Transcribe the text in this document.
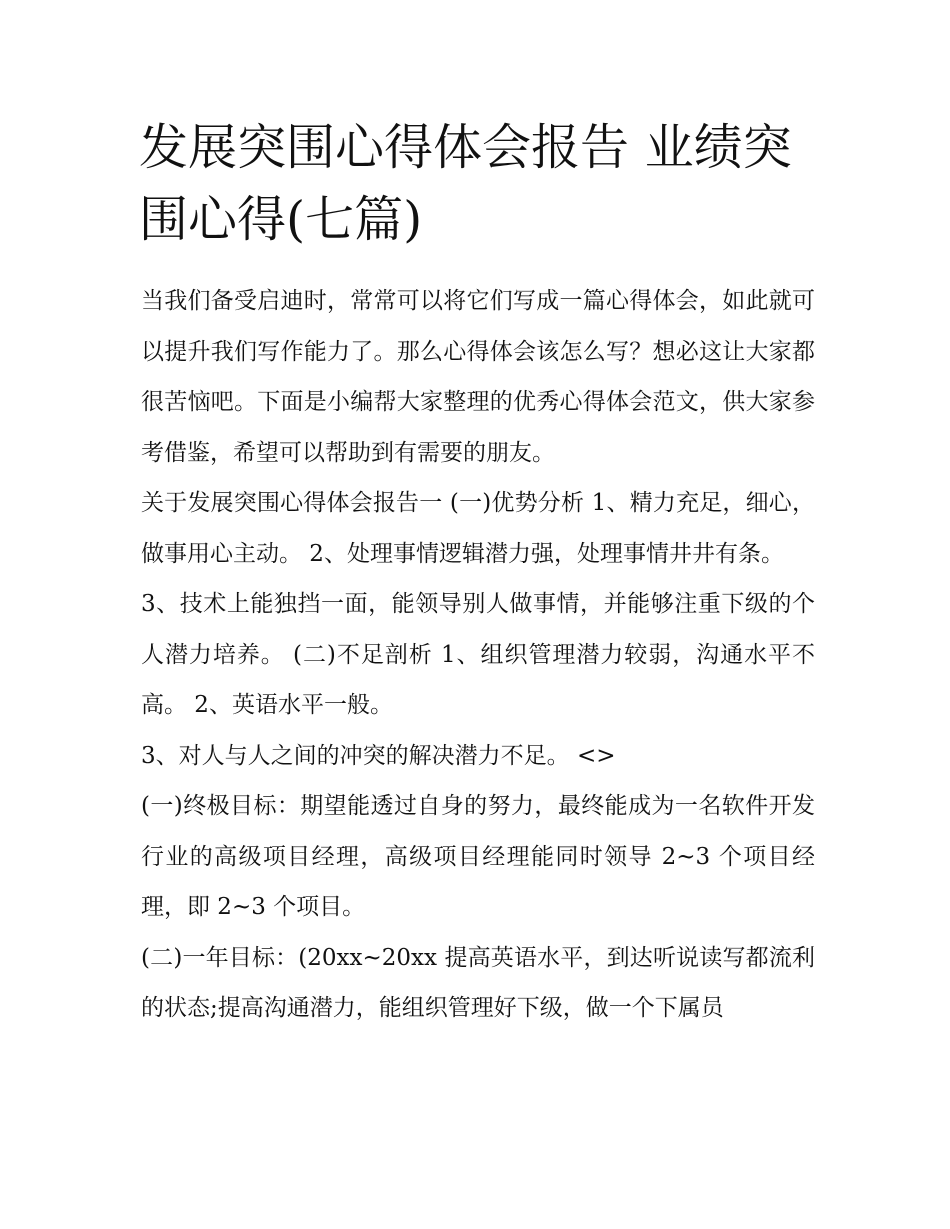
发展突围心得体会报告 业绩突围心得(七篇)

当我们备受启迪时，常常可以将它们写成一篇心得体会，如此就可以提升我们写作能力了。那么心得体会该怎么写？想必这让大家都很苦恼吧。下面是小编帮大家整理的优秀心得体会范文，供大家参考借鉴，希望可以帮助到有需要的朋友。

关于发展突围心得体会报告一 (一)优势分析 1、精力充足，细心，做事用心主动。 2、处理事情逻辑潜力强，处理事情井井有条。

3、技术上能独挡一面，能领导别人做事情，并能够注重下级的个人潜力培养。 (二)不足剖析 1、组织管理潜力较弱，沟通水平不高。 2、英语水平一般。

3、对人与人之间的冲突的解决潜力不足。 <>

(一)终极目标：期望能透过自身的努力，最终能成为一名软件开发行业的高级项目经理，高级项目经理能同时领导 2~3 个项目经理，即 2~3 个项目。

(二)一年目标：(20xx~20xx 提高英语水平，到达听说读写都流利的状态;提高沟通潜力，能组织管理好下级，做一个下属员
